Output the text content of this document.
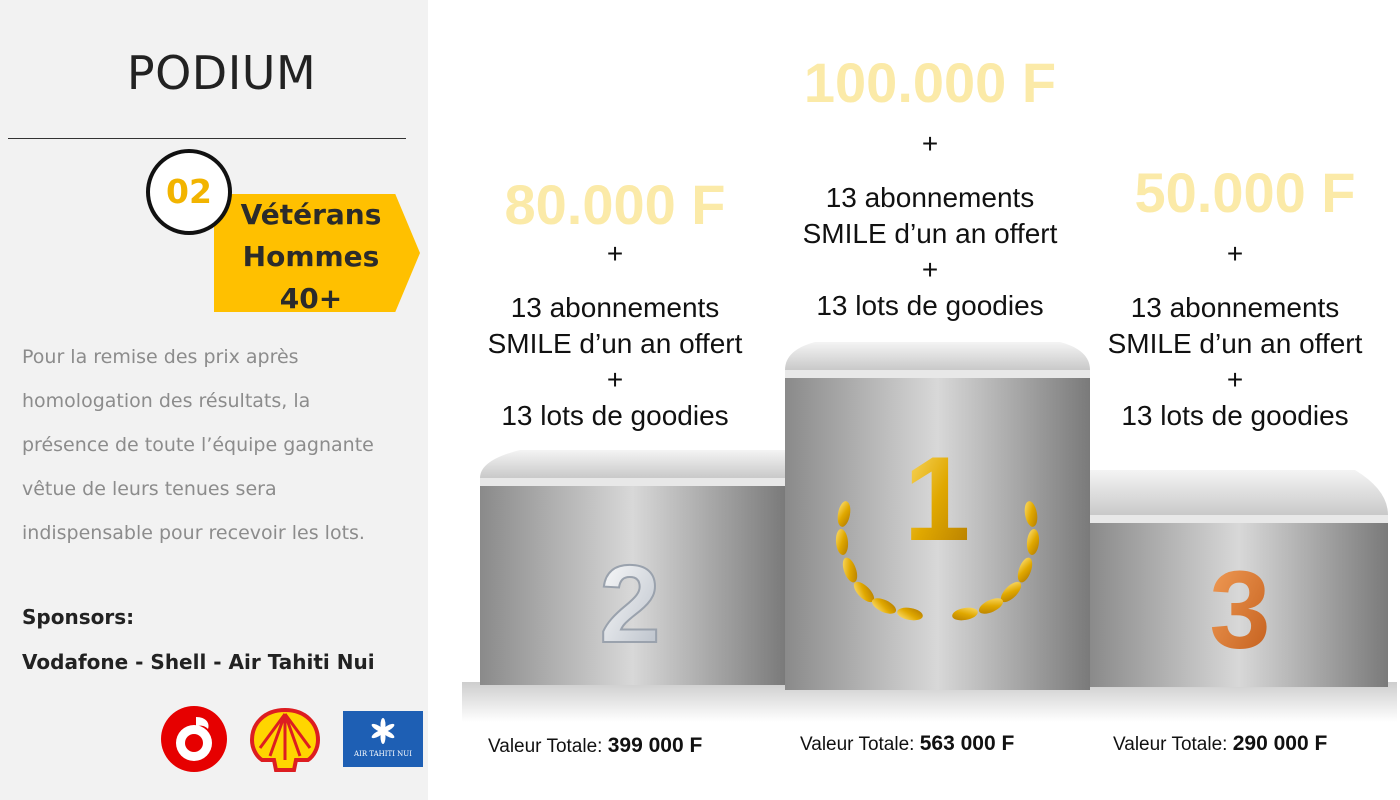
PODIUM
Vétérans
Hommes
40+
02
Pour la remise des prix après
homologation des résultats, la
présence de toute l’équipe gagnante
vêtue de leurs tenues sera
indispensable pour recevoir les lots.
Sponsors:
Vodafone - Shell - Air Tahiti Nui
AIR TAHITI NUI
1
2	3
100.000 F
+
13 abonnements
SMILE d’un an offert
+
13 lots de goodies
80.000 F
+
13 abonnements
SMILE d’un an offert
+
13 lots de goodies
50.000 F
+
13 abonnements
SMILE d’un an offert
+
13 lots de goodies
Valeur Totale: 399 000 F	Valeur Totale: 563 000 F	Valeur Totale: 290 000 F
